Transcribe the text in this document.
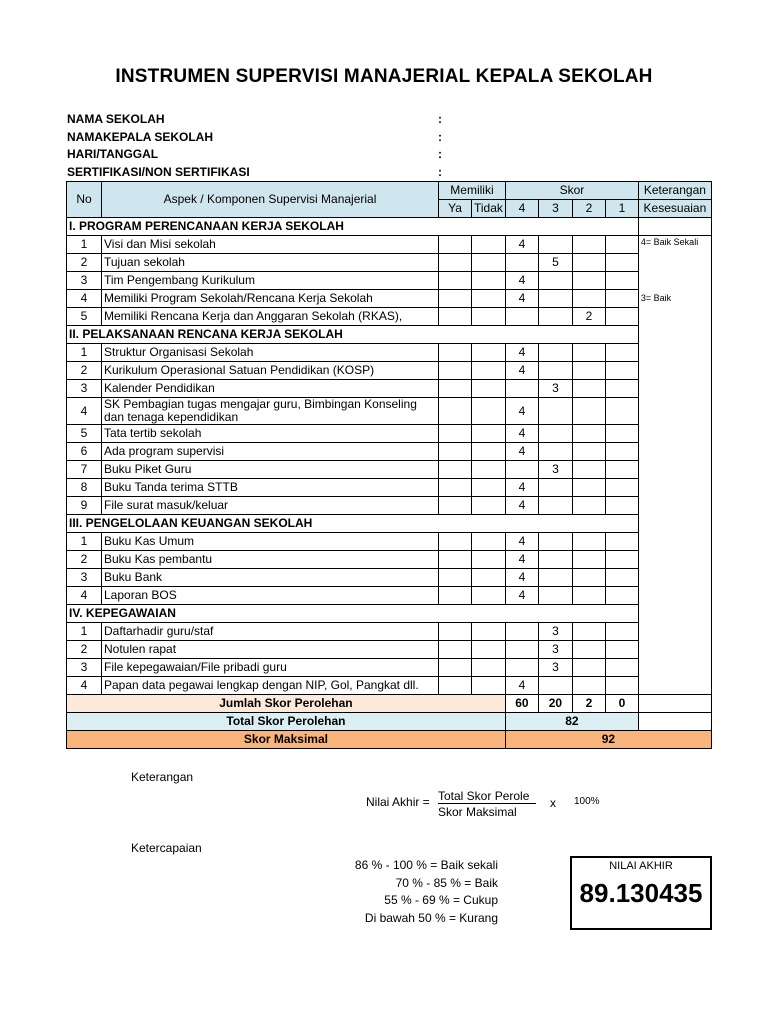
INSTRUMEN SUPERVISI MANAJERIAL KEPALA SEKOLAH
NAMA SEKOLAH	:
NAMAKEPALA SEKOLAH	:
HARI/TANGGAL	:
SERTIFIKASI/NON SERTIFIKASI	:
No	Aspek / Komponen Supervisi Manajerial	Memiliki		Skor				Keterangan
		Ya	Tidak	4	3	2	1	Kesesuaian
I. PROGRAM PERENCANAAN KERJA SEKOLAH								
1	Visi dan Misi sekolah			4				4= Baik Sekali
2	Tujuan sekolah				5			
3	Tim Pengembang Kurikulum			4				
4	Memiliki Program Sekolah/Rencana Kerja Sekolah			4				3= Baik
5	Memiliki Rencana Kerja dan Anggaran Sekolah (RKAS),					2		
II. PELAKSANAAN RENCANA KERJA SEKOLAH								
1	Struktur Organisasi Sekolah			4				
2	Kurikulum Operasional Satuan Pendidikan (KOSP)			4				
3	Kalender Pendidikan				3			
4	SK Pembagian tugas mengajar guru, Bimbingan Konseling dan tenaga kependidikan			4				
5	Tata tertib sekolah			4				
6	Ada program supervisi			4				
7	Buku Piket Guru				3			
8	Buku Tanda terima STTB			4				
9	File surat masuk/keluar			4				
III. PENGELOLAAN KEUANGAN SEKOLAH								
1	Buku Kas Umum			4				
2	Buku Kas pembantu			4				
3	Buku Bank			4				
4	Laporan BOS			4				
IV. KEPEGAWAIAN								
1	Daftarhadir guru/staf				3			
2	Notulen rapat				3			
3	File kepegawaian/File pribadi guru				3			
4	Papan data pegawai lengkap dengan NIP, Gol, Pangkat dll.			4				
Jumlah Skor Perolehan				60	20	2	0	
Total Skor Perolehan				82				
Skor Maksimal				92				
Keterangan
Nilai Akhir = Total Skor Perole
Skor Maksimal
x 100%
Ketercapaian
86 % - 100 % = Baik sekali
70 % - 85 % = Baik
55 % - 69 % = Cukup
Di bawah 50 % = Kurang
NILAI AKHIR
89.130435
